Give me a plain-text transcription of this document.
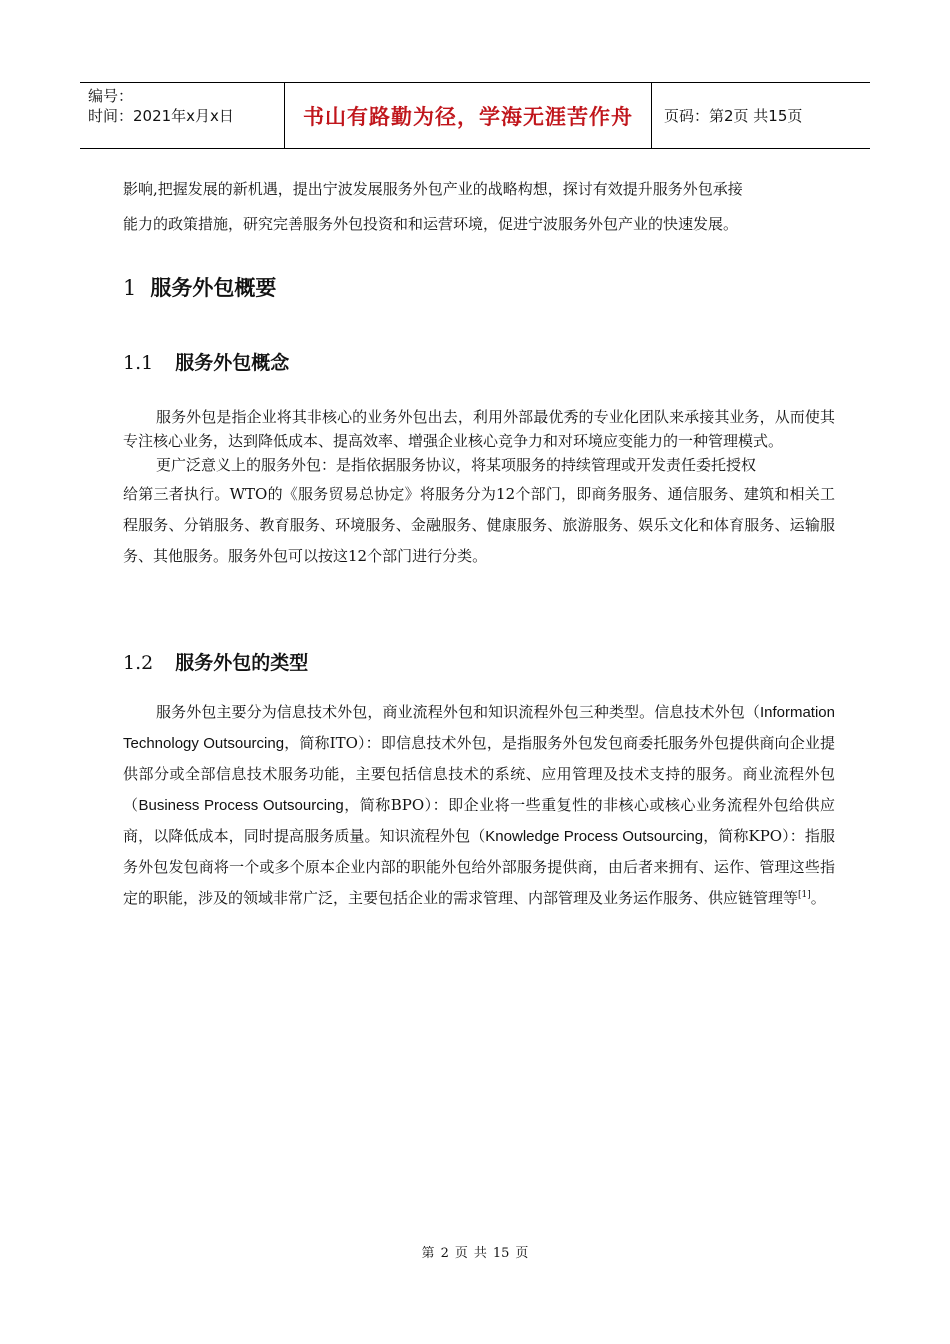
编号：
时间：2021年x月x日	书山有路勤为径，学海无涯苦作舟	页码：第2页 共15页

影响,把握发展的新机遇，提出宁波发展服务外包产业的战略构想，探讨有效提升服务外包承接

能力的政策措施，研究完善服务外包投资和和运营环境，促进宁波服务外包产业的快速发展。

1 服务外包概要
1.1 服务外包概念

服务外包是指企业将其非核心的业务外包出去，利用外部最优秀的专业化团队来承接其业务，从而使其专注核心业务，达到降低成本、提高效率、增强企业核心竞争力和对环境应变能力的一种管理模式。

更广泛意义上的服务外包：是指依据服务协议，将某项服务的持续管理或开发责任委托授权

给第三者执行。WTO的《服务贸易总协定》将服务分为12个部门，即商务服务、通信服务、建筑和相关工程服务、分销服务、教育服务、环境服务、金融服务、健康服务、旅游服务、娱乐文化和体育服务、运输服务、其他服务。服务外包可以按这12个部门进行分类。

1.2 服务外包的类型

服务外包主要分为信息技术外包，商业流程外包和知识流程外包三种类型。信息技术外包（Information Technology Outsourcing，简称ITO）：即信息技术外包，是指服务外包发包商委托服务外包提供商向企业提供部分或全部信息技术服务功能，主要包括信息技术的系统、应用管理及技术支持的服务。商业流程外包（Business Process Outsourcing，简称BPO）：即企业将一些重复性的非核心或核心业务流程外包给供应商，以降低成本，同时提高服务质量。知识流程外包（Knowledge Process Outsourcing，简称KPO）：指服务外包发包商将一个或多个原本企业内部的职能外包给外部服务提供商，由后者来拥有、运作、管理这些指定的职能，涉及的领域非常广泛，主要包括企业的需求管理、内部管理及业务运作服务、供应链管理等[1]。

第 2 页 共 15 页
